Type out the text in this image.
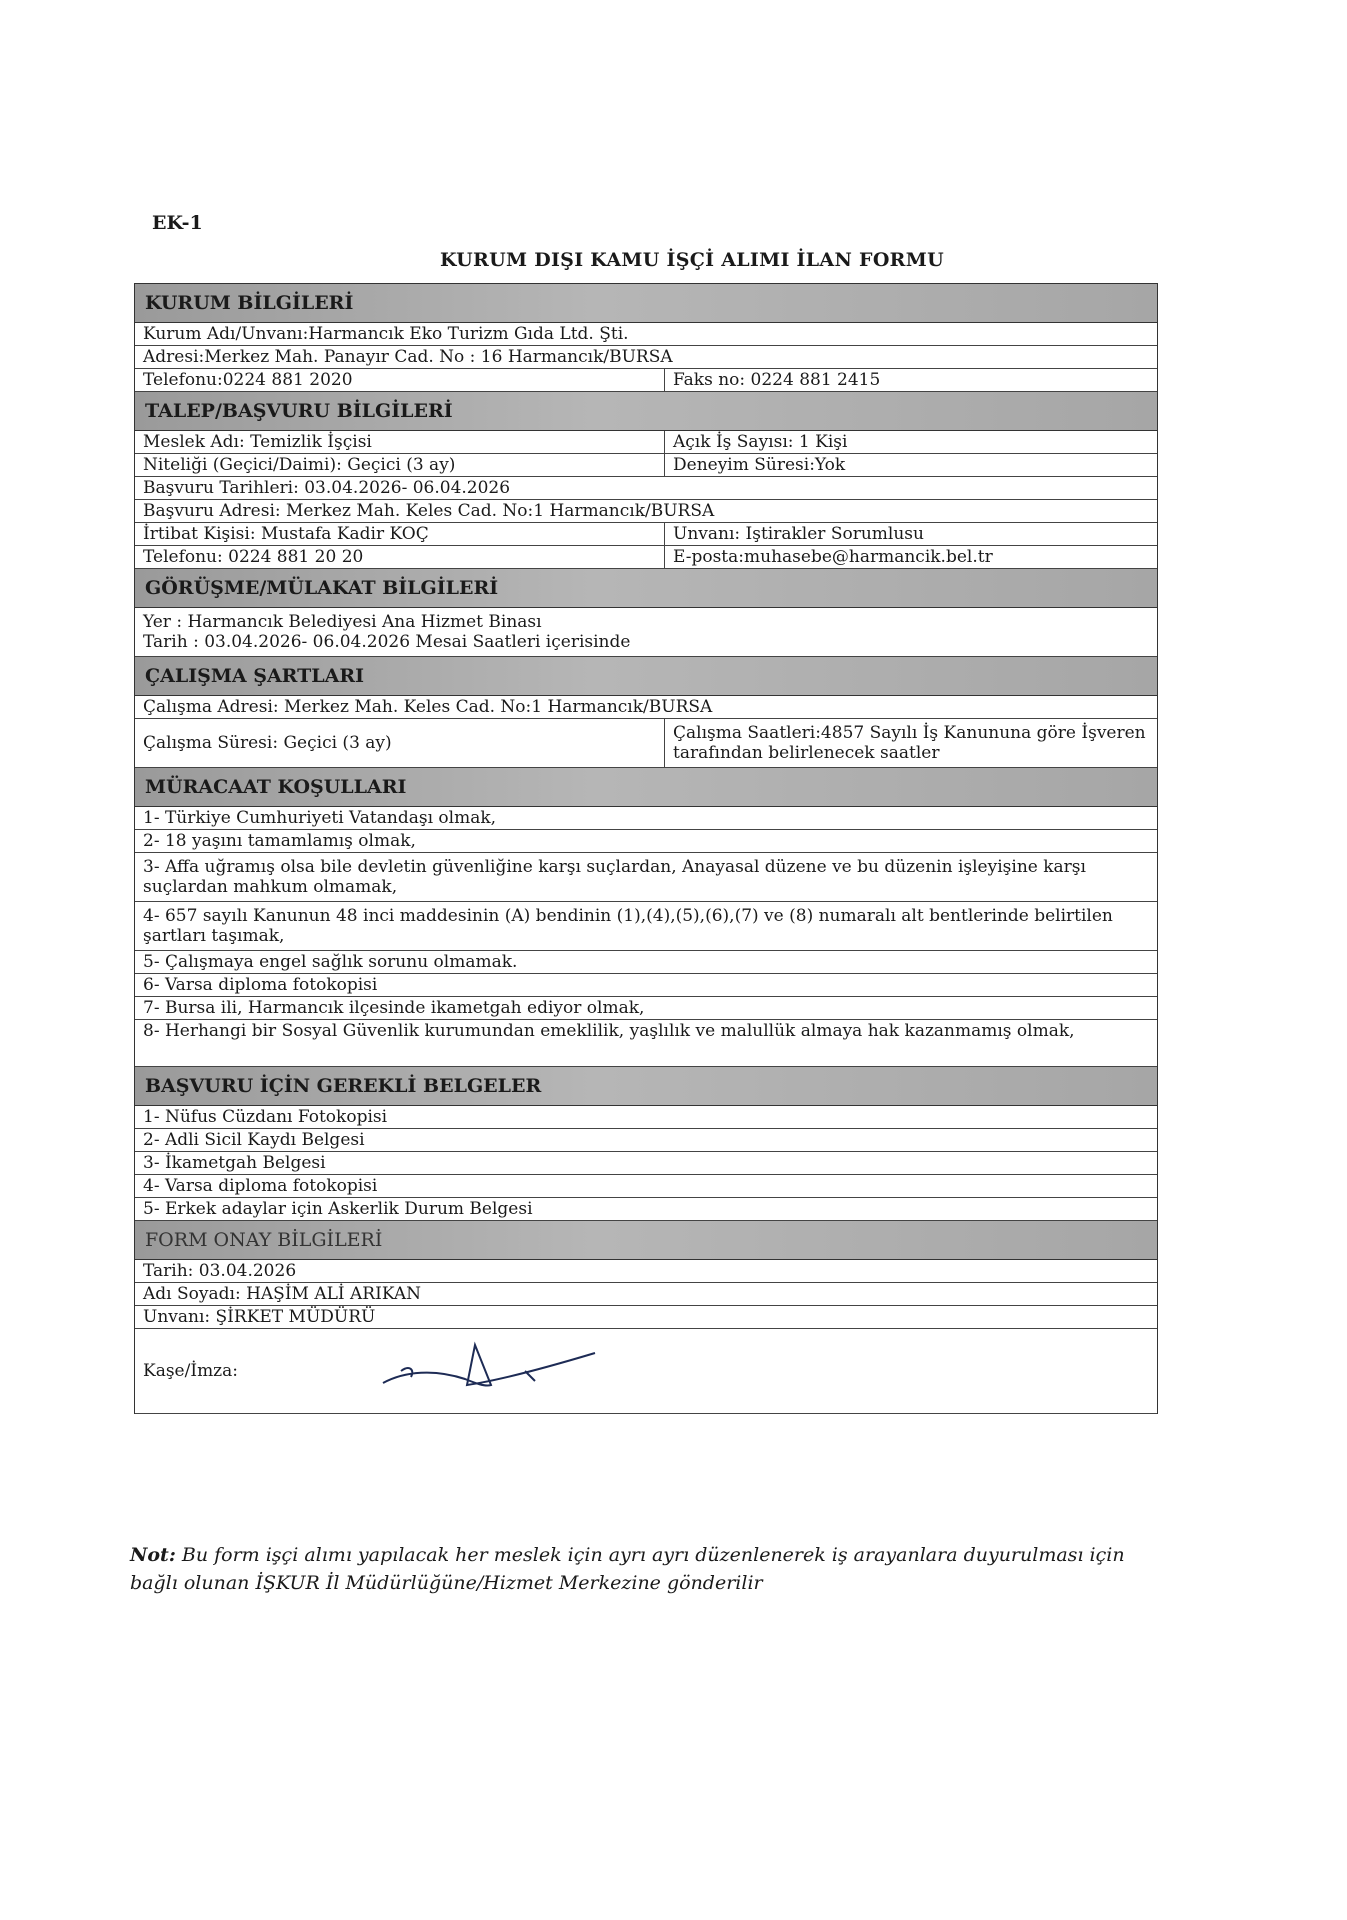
EK-1
KURUM DIŞI KAMU İŞÇİ ALIMI İLAN FORMU
KURUM BİLGİLERİ
Kurum Adı/Unvanı:Harmancık Eko Turizm Gıda Ltd. Şti.
Adresi:Merkez Mah. Panayır Cad. No : 16 Harmancık/BURSA
Telefonu:0224 881 2020	Faks no: 0224 881 2415
TALEP/BAŞVURU BİLGİLERİ
Meslek Adı: Temizlik İşçisi	Açık İş Sayısı: 1 Kişi
Niteliği (Geçici/Daimi): Geçici (3 ay)	Deneyim Süresi:Yok
Başvuru Tarihleri: 03.04.2026- 06.04.2026
Başvuru Adresi: Merkez Mah. Keles Cad. No:1 Harmancık/BURSA
İrtibat Kişisi: Mustafa Kadir KOÇ	Unvanı: Iştirakler Sorumlusu
Telefonu: 0224 881 20 20	E-posta:muhasebe@harmancik.bel.tr
GÖRÜŞME/MÜLAKAT BİLGİLERİ
Yer : Harmancık Belediyesi Ana Hizmet Binası
Tarih : 03.04.2026- 06.04.2026 Mesai Saatleri içerisinde
ÇALIŞMA ŞARTLARI
Çalışma Adresi: Merkez Mah. Keles Cad. No:1 Harmancık/BURSA
Çalışma Süresi: Geçici (3 ay)	Çalışma Saatleri:4857 Sayılı İş Kanununa göre İşveren tarafından belirlenecek saatler
MÜRACAAT KOŞULLARI
1- Türkiye Cumhuriyeti Vatandaşı olmak,
2- 18 yaşını tamamlamış olmak,
3- Affa uğramış olsa bile devletin güvenliğine karşı suçlardan, Anayasal düzene ve bu düzenin işleyişine karşı suçlardan mahkum olmamak,
4- 657 sayılı Kanunun 48 inci maddesinin (A) bendinin (1),(4),(5),(6),(7) ve (8) numaralı alt bentlerinde belirtilen şartları taşımak,
5- Çalışmaya engel sağlık sorunu olmamak.
6- Varsa diploma fotokopisi
7- Bursa ili, Harmancık ilçesinde ikametgah ediyor olmak,
8- Herhangi bir Sosyal Güvenlik kurumundan emeklilik, yaşlılık ve malullük almaya hak kazanmamış olmak,
BAŞVURU İÇİN GEREKLİ BELGELER
1- Nüfus Cüzdanı Fotokopisi
2- Adli Sicil Kaydı Belgesi
3- İkametgah Belgesi
4- Varsa diploma fotokopisi
5- Erkek adaylar için Askerlik Durum Belgesi
FORM ONAY BİLGİLERİ
Tarih: 03.04.2026
Adı Soyadı: HAŞİM ALİ ARIKAN
Unvanı: ŞİRKET MÜDÜRÜ
Kaşe/İmza:
Not: Bu form işçi alımı yapılacak her meslek için ayrı ayrı düzenlenerek iş arayanlara duyurulması için bağlı olunan İŞKUR İl Müdürlüğüne/Hizmet Merkezine gönderilir
